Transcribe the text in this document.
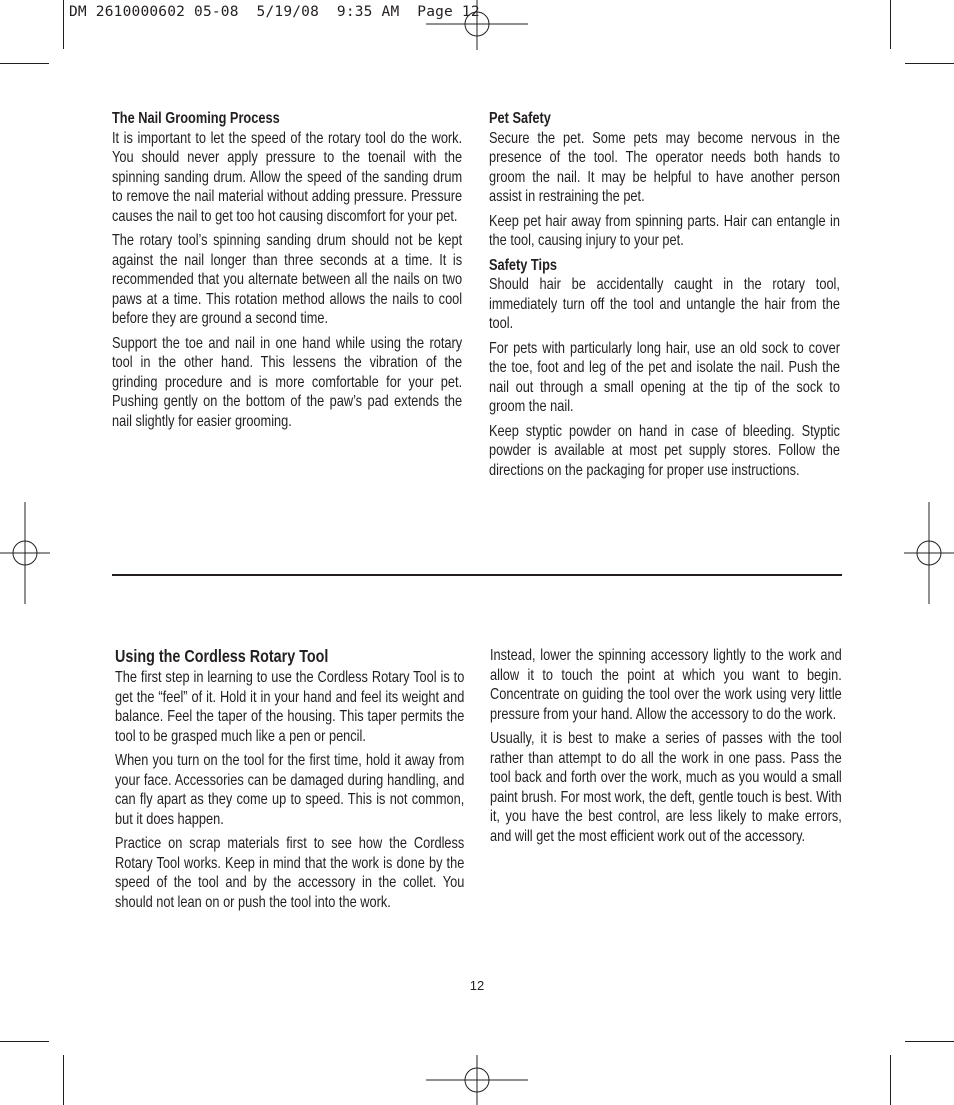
DM 2610000602 05-08  5/19/08  9:35 AM  Page 12
The Nail Grooming Process

It is important to let the speed of the rotary tool do the work. You should never apply pressure to the toenail with the spinning sanding drum. Allow the speed of the sanding drum to remove the nail material without adding pressure. Pressure causes the nail to get too hot causing discomfort for your pet.

The rotary tool’s spinning sanding drum should not be kept against the nail longer than three seconds at a time. It is recommended that you alternate between all the nails on two paws at a time. This rotation method allows the nails to cool before they are ground a second time.

Support the toe and nail in one hand while using the rotary tool in the other hand. This lessens the vibration of the grinding procedure and is more comfortable for your pet. Pushing gently on the bottom of the paw’s pad extends the nail slightly for easier grooming.

Pet Safety

Secure the pet. Some pets may become nervous in the presence of the tool. The operator needs both hands to groom the nail. It may be helpful to have another person assist in restraining the pet.

Keep pet hair away from spinning parts. Hair can entangle in the tool, causing injury to your pet.

Safety Tips

Should hair be accidentally caught in the rotary tool, immediately turn off the tool and untangle the hair from the tool.

For pets with particularly long hair, use an old sock to cover the toe, foot and leg of the pet and isolate the nail. Push the nail out through a small opening at the tip of the sock to groom the nail.

Keep styptic powder on hand in case of bleeding. Styptic powder is available at most pet supply stores. Follow the directions on the packaging for proper use instructions.

Using the Cordless Rotary Tool

The first step in learning to use the Cordless Rotary Tool is to get the “feel” of it. Hold it in your hand and feel its weight and balance. Feel the taper of the housing. This taper permits the tool to be grasped much like a pen or pencil.

When you turn on the tool for the first time, hold it away from your face. Accessories can be damaged during handling, and can fly apart as they come up to speed. This is not common, but it does happen.

Practice on scrap materials first to see how the Cordless Rotary Tool works. Keep in mind that the work is done by the speed of the tool and by the accessory in the collet. You should not lean on or push the tool into the work.

Instead, lower the spinning accessory lightly to the work and allow it to touch the point at which you want to begin. Concentrate on guiding the tool over the work using very little pressure from your hand. Allow the accessory to do the work.

Usually, it is best to make a series of passes with the tool rather than attempt to do all the work in one pass. Pass the tool back and forth over the work, much as you would a small paint brush. For most work, the deft, gentle touch is best. With it, you have the best control, are less likely to make errors, and will get the most efficient work out of the accessory.

12
